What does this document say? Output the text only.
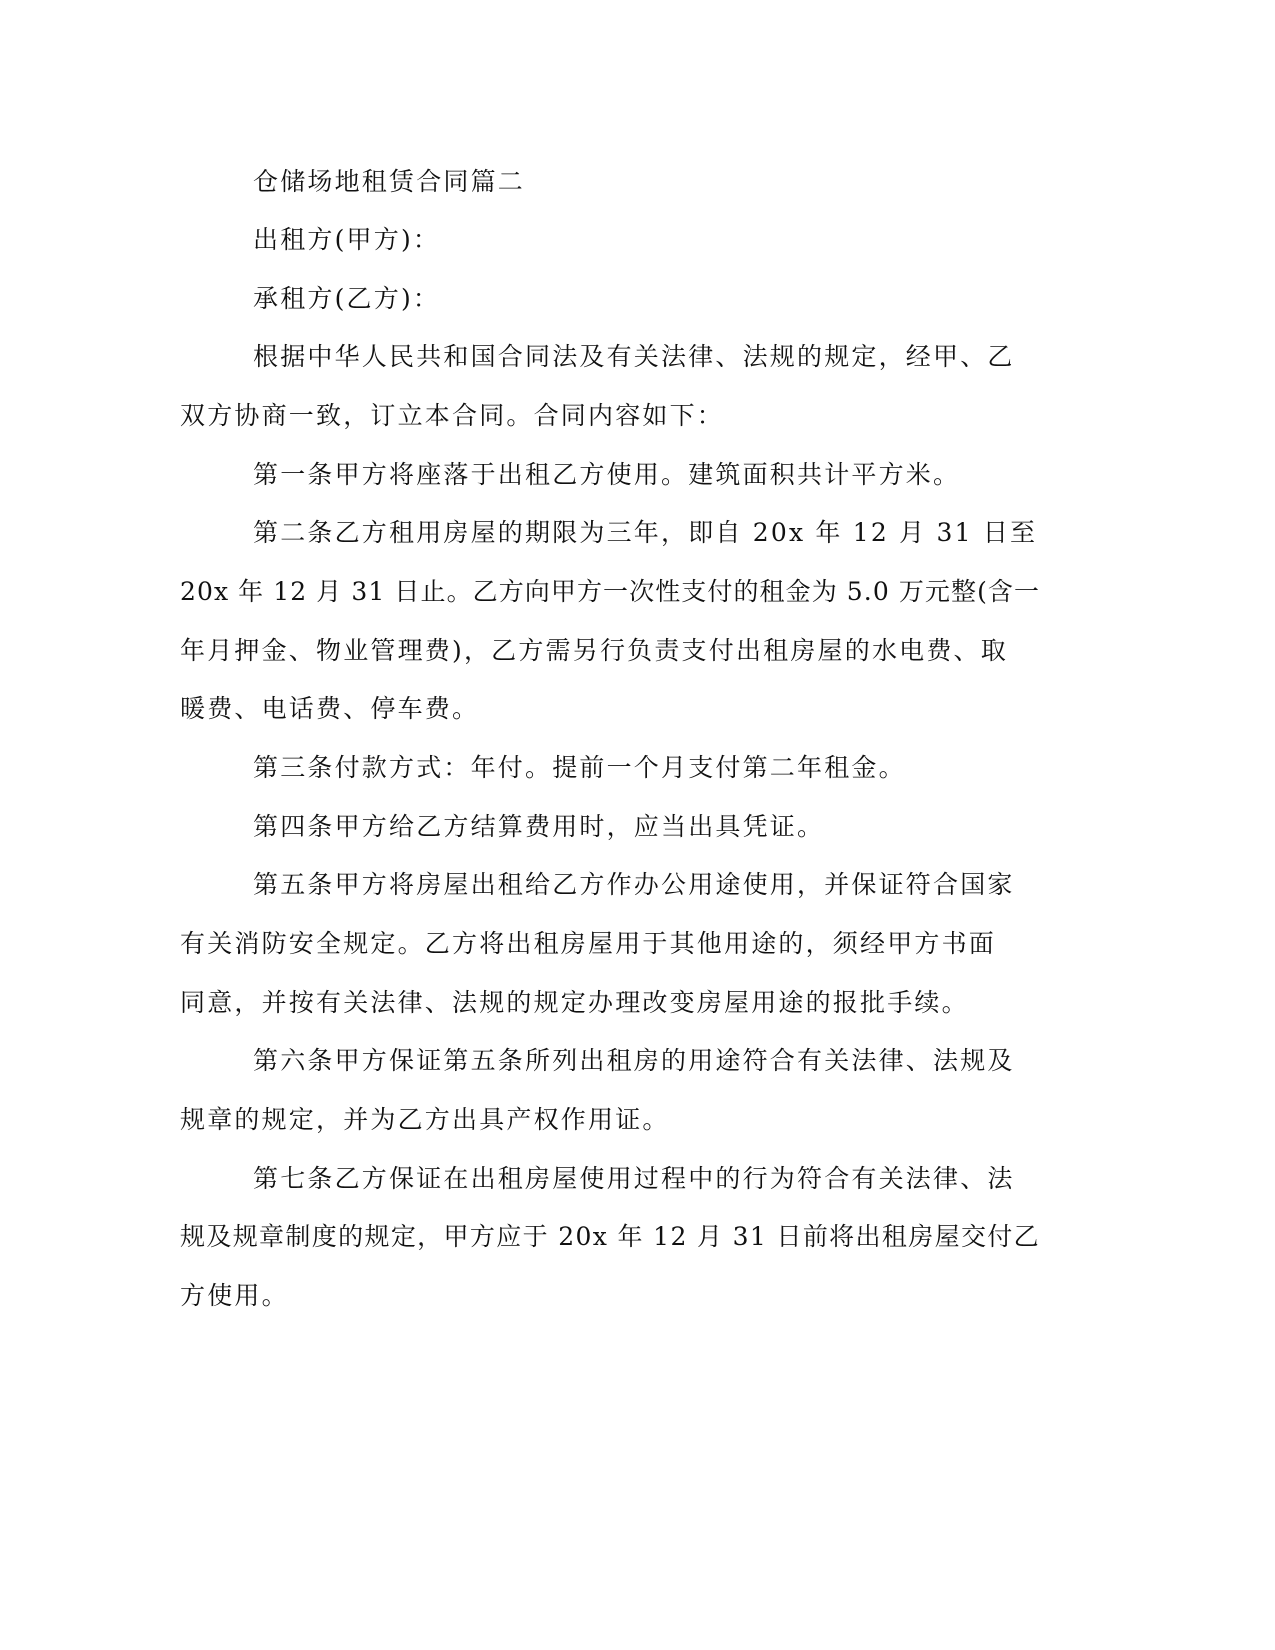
仓储场地租赁合同篇二
出租方(甲方)：
承租方(乙方)：
根据中华人民共和国合同法及有关法律、法规的规定，经甲、乙
双方协商一致，订立本合同。合同内容如下：
第一条甲方将座落于出租乙方使用。建筑面积共计平方米。
第二条乙方租用房屋的期限为三年，即自 20x 年 12 月 31 日至
20x 年 12 月 31 日止。乙方向甲方一次性支付的租金为 5.0 万元整(含一
年月押金、物业管理费)，乙方需另行负责支付出租房屋的水电费、取
暖费、电话费、停车费。
第三条付款方式：年付。提前一个月支付第二年租金。
第四条甲方给乙方结算费用时，应当出具凭证。
第五条甲方将房屋出租给乙方作办公用途使用，并保证符合国家
有关消防安全规定。乙方将出租房屋用于其他用途的，须经甲方书面
同意，并按有关法律、法规的规定办理改变房屋用途的报批手续。
第六条甲方保证第五条所列出租房的用途符合有关法律、法规及
规章的规定，并为乙方出具产权作用证。
第七条乙方保证在出租房屋使用过程中的行为符合有关法律、法
规及规章制度的规定，甲方应于 20x 年 12 月 31 日前将出租房屋交付乙
方使用。
